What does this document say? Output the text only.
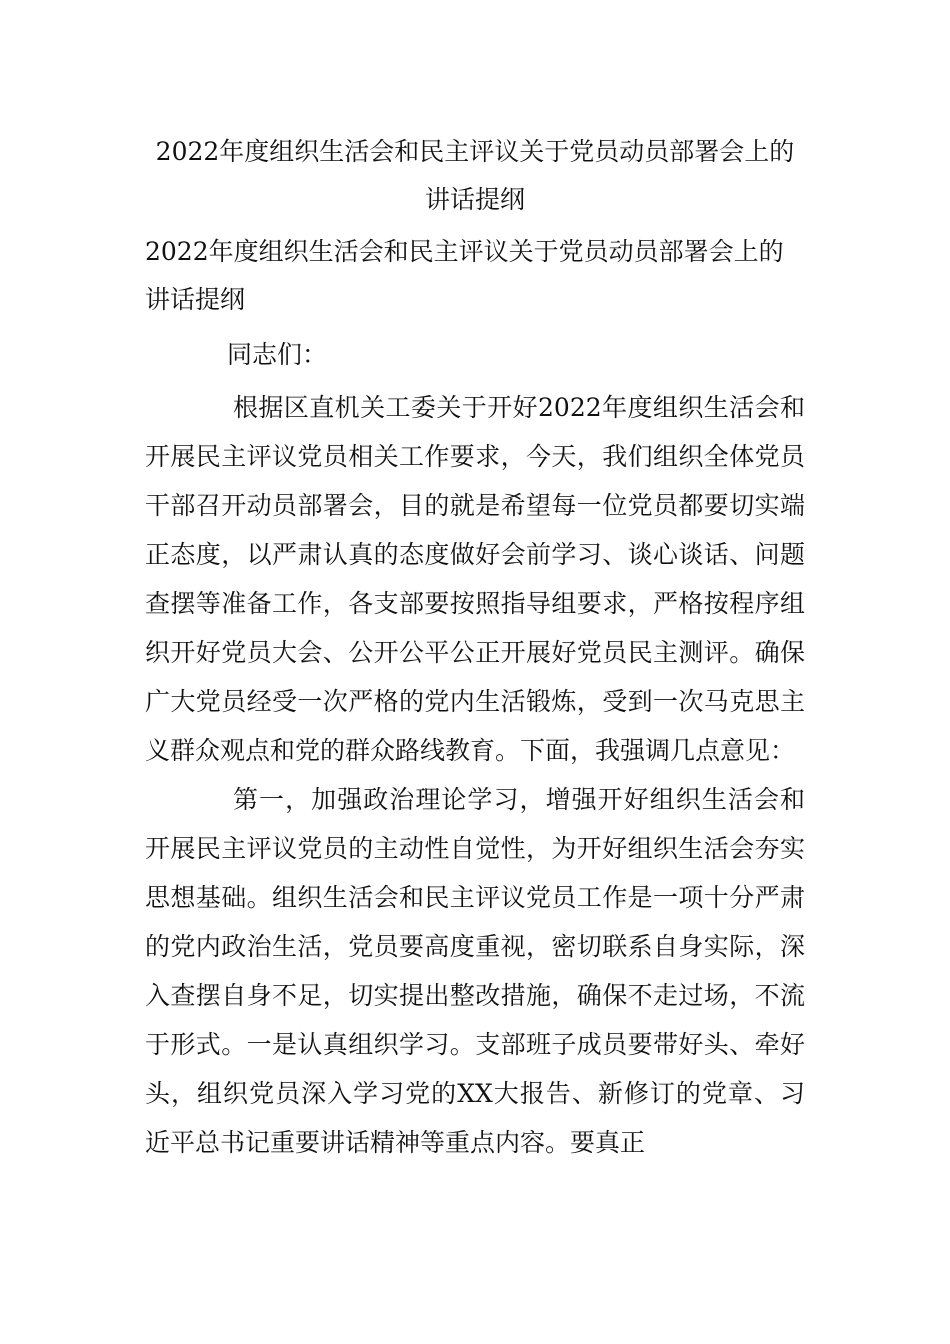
2022年度组织生活会和民主评议关于党员动员部署会上的讲话提纲
2022年度组织生活会和民主评议关于党员动员部署会上的讲话提纲

同志们：

根据区直机关工委关于开好2022年度组织生活会和开展民主评议党员相关工作要求，今天，我们组织全体党员干部召开动员部署会，目的就是希望每一位党员都要切实端正态度，以严肃认真的态度做好会前学习、谈心谈话、问题查摆等准备工作，各支部要按照指导组要求，严格按程序组织开好党员大会、公开公平公正开展好党员民主测评。确保广大党员经受一次严格的党内生活锻炼，受到一次马克思主义群众观点和党的群众路线教育。下面，我强调几点意见：

第一，加强政治理论学习，增强开好组织生活会和开展民主评议党员的主动性自觉性，为开好组织生活会夯实思想基础。组织生活会和民主评议党员工作是一项十分严肃的党内政治生活，党员要高度重视，密切联系自身实际，深入查摆自身不足，切实提出整改措施，确保不走过场，不流于形式。一是认真组织学习。支部班子成员要带好头、牵好头，组织党员深入学习党的XX大报告、新修订的党章、习近平总书记重要讲话精神等重点内容。要真正
